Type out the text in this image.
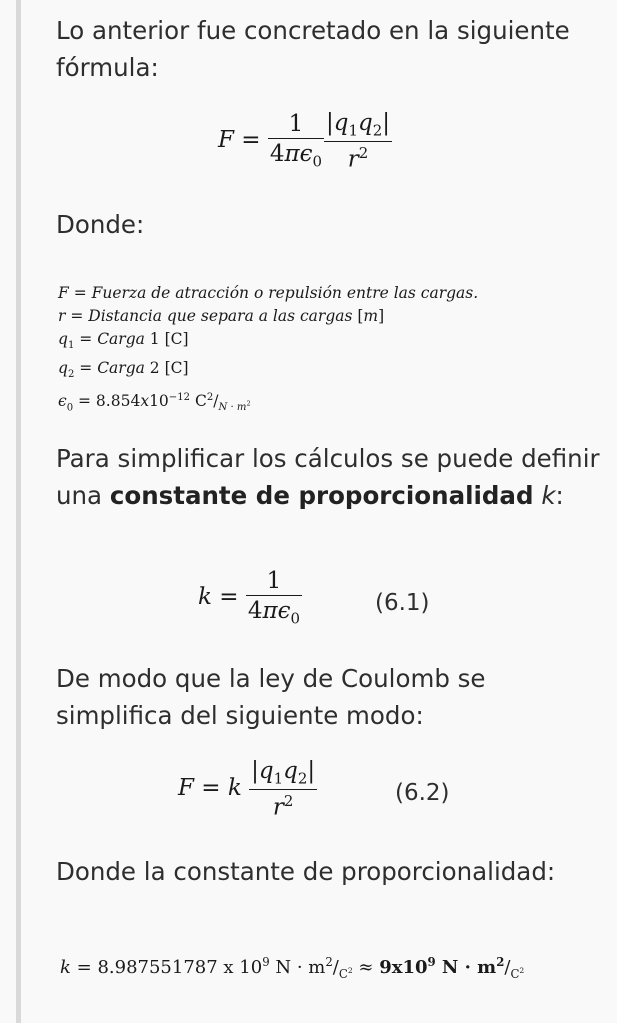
Lo anterior fue concretado en la siguiente fórmula:
$F = \frac{1}{4\pi\epsilon_0} \frac{|q_1q_2|}{r^2}$
Donde:
F = Fuerza de atracción o repulsión entre las cargas.
r = Distancia que separa a las cargas [m]
$q_1$ = Carga 1 [C]
$q_2$ = Carga 2 [C]
$\epsilon_0 = 8.854x10^{-12}$ $C^2/_{N \cdot m^2}$
Para simplificar los cálculos se puede definir una constante de proporcionalidad k:
$k = \frac{1}{4\pi\epsilon_0}$	(6.1)
De modo que la ley de Coulomb se simplifica del siguiente modo:
F = k $\frac{|q_1q_2|}{r^2}$	(6.2)
Donde la constante de proporcionalidad:
k = 8.987551787 x $10^9$ $N \cdot m^2/_{C^2} \approx 9x10^9$ $N \cdot m^2/_{C^2}$
